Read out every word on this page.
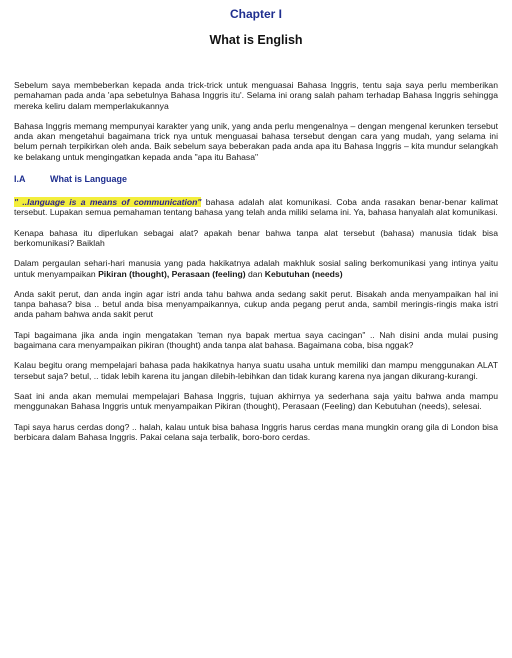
Chapter I
What is English

Sebelum saya membeberkan kepada anda trick-trick untuk menguasai Bahasa Inggris, tentu saja saya perlu memberikan pemahaman pada anda 'apa sebetulnya Bahasa Inggris itu'. Selama ini orang salah paham terhadap Bahasa Inggris sehingga mereka keliru dalam memperlakukannya

Bahasa Inggris memang mempunyai karakter yang unik, yang anda perlu mengenalnya – dengan mengenal kerunken tersebut anda akan mengetahui bagaimana trick nya untuk menguasai bahasa tersebut dengan cara yang mudah, yang selama ini belum pernah terpikirkan oleh anda. Baik sebelum saya beberakan pada anda apa itu Bahasa Inggris – kita mundur selangkah ke belakang untuk mengingatkan kepada anda "apa itu Bahasa"

I.A	What is Language

" ..language is a means of communication" bahasa adalah alat komunikasi. Coba anda rasakan benar-benar kalimat tersebut. Lupakan semua pemahaman tentang bahasa yang telah anda miliki selama ini. Ya, bahasa hanyalah alat komunikasi.

Kenapa bahasa itu diperlukan sebagai alat? apakah benar bahwa tanpa alat tersebut (bahasa) manusia tidak bisa berkomunikasi? Baiklah

Dalam pergaulan sehari-hari manusia yang pada hakikatnya adalah makhluk sosial saling berkomunikasi yang intinya yaitu untuk menyampaikan Pikiran (thought), Perasaan (feeling) dan Kebutuhan (needs)

Anda sakit perut, dan anda ingin agar istri anda tahu bahwa anda sedang sakit perut. Bisakah anda menyampaikan hal ini tanpa bahasa? bisa .. betul anda bisa menyampaikannya, cukup anda pegang perut anda, sambil meringis-ringis maka istri anda paham bahwa anda sakit perut

Tapi bagaimana jika anda ingin mengatakan 'teman nya bapak mertua saya cacingan" .. Nah disini anda mulai pusing bagaimana cara menyampaikan pikiran (thought) anda tanpa alat bahasa. Bagaimana coba, bisa nggak?

Kalau begitu orang mempelajari bahasa pada hakikatnya hanya suatu usaha untuk memiliki dan mampu menggunakan ALAT tersebut saja? betul, .. tidak lebih karena itu jangan dilebih-lebihkan dan tidak kurang karena nya jangan dikurang-kurangi.

Saat ini anda akan memulai mempelajari Bahasa Inggris, tujuan akhirnya ya sederhana saja yaitu bahwa anda mampu menggunakan Bahasa Inggris untuk menyampaikan Pikiran (thought), Perasaan (Feeling) dan Kebutuhan (needs), selesai.

Tapi saya harus cerdas dong? .. halah, kalau untuk bisa bahasa Inggris harus cerdas mana mungkin orang gila di London bisa berbicara dalam Bahasa Inggris. Pakai celana saja terbalik, boro-boro cerdas.
